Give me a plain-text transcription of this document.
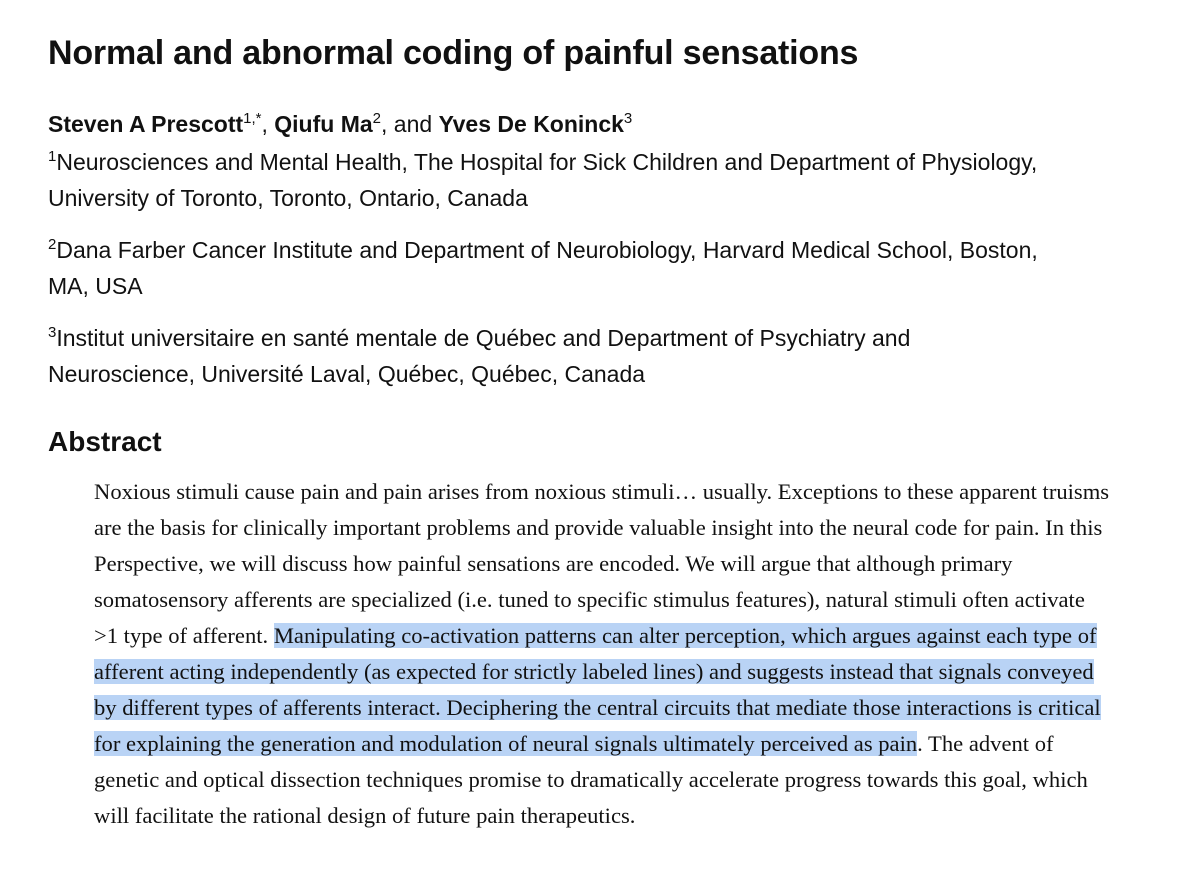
Normal and abnormal coding of painful sensations
Steven A Prescott$^{1,*}$, Qiufu Ma$^2$, and Yves De Koninck$^3$

$^1$Neurosciences and Mental Health, The Hospital for Sick Children and Department of Physiology,
University of Toronto, Toronto, Ontario, Canada

$^2$Dana Farber Cancer Institute and Department of Neurobiology, Harvard Medical School, Boston,
MA, USA

$^3$Institut universitaire en santé mentale de Québec and Department of Psychiatry and
Neuroscience, Université Laval, Québec, Québec, Canada

Abstract
Noxious stimuli cause pain and pain arises from noxious stimuli… usually. Exceptions to these apparent truisms are the basis for clinically important problems and provide valuable insight into the neural code for pain. In this Perspective, we will discuss how painful sensations are encoded. We will argue that although primary somatosensory afferents are specialized (i.e. tuned to specific stimulus features), natural stimuli often activate >1 type of afferent. Manipulating co-activation patterns can alter perception, which argues against each type of afferent acting independently (as expected for strictly labeled lines) and suggests instead that signals conveyed by different types of afferents interact. Deciphering the central circuits that mediate those interactions is critical for explaining the generation and modulation of neural signals ultimately perceived as pain. The advent of genetic and optical dissection techniques promise to dramatically accelerate progress towards this goal, which will facilitate the rational design of future pain therapeutics.
